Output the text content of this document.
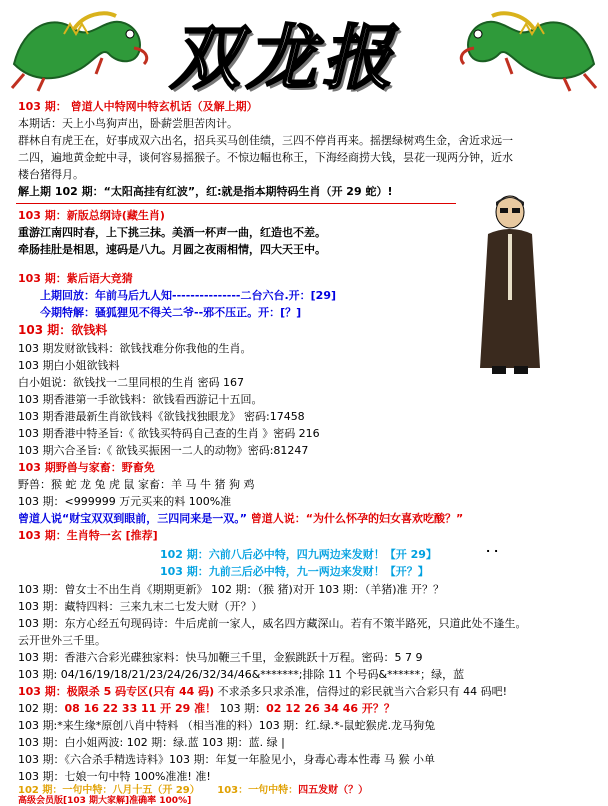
双龙报
103 期： 曾道人中特网中特玄机话（及解上期）
本期话：天上小鸟狗声出，卧薪尝胆苦肉计。
群林自有虎王在，好事成双六出名，招兵买马创佳绩，三四不停肖再来。摇摆绿树鸡生金，舍近求远一
二四，遍地黄金蛇中寻，谈何容易摇猴子。不惊边幅也称王，下海经商捞大钱，昙花一现两分钟，近水
楼台猪得月。
解上期 102 期：“太阳高挂有红波”，红:就是指本期特码生肖（开 29 蛇）!
103 期：新版总纲诗(藏生肖)
重游江南四时春，上下挑三抹。美酒一杯声一曲，红造也不差。
牵肠挂肚是相思，速码是八九。月圆之夜雨相情，四大天王中。
103 期：紫后语大竞猜
上期回放：年前马后九人知---------------二台六台.开：[29]
今期特解：骚狐狸见不得关二爷--邪不压正。开：[？]
103 期：欲钱料
103 期发财欲钱料：欲钱找难分你我他的生肖。
103 期白小姐欲钱料
白小姐说：欲钱找一二里同根的生肖 密码 167
103 期香港第一手欲钱料：欲钱看西游记十五回。
103 期香港最新生肖欲钱料《欲钱找独眼龙》 密码:17458
103 期香港中特圣旨:《 欲钱买特码自己查的生肖 》密码 216
103 期六合圣旨:《 欲钱买振困一二人的动物》密码:81247
103 期野兽与家畜：野畜免
野兽：猴 蛇 龙 兔 虎 鼠 家畜：羊 马 牛 猪 狗 鸡
103 期：<999999 万元买来的料 100%准
曾道人说“财宝双双到眼前，三四同来是一双。” 曾道人说：“为什么怀孕的妇女喜欢吃酸？”
103 期：生肖特一玄 [推荐]
102 期：六前八后必中特，四九两边来发财！【开 29】
103 期：九前三后必中特，九一两边来发财！【开？】
. .
103 期：曾女士不出生肖《期期更新》 102 期：（猴 猪)对开 103 期：（羊猪)准 开？？
103 期：藏特四料：三来九末二七发大财（开？）
103 期：东方心经五句现码诗：牛后虎前一家人，威名四方藏深山。若有不策半路死，只道此处不逢生。
云开世外三千里。
103 期：香港六合彩光碟独家料：快马加鞭三千里，金猴跳跃十万程。密码：5 7 9
103 期: 04/16/19/18/21/23/24/26/32/34/46&*******;排除 11 个号码&******；绿，蓝
103 期：极限杀 5 码专区(只有 44 码) 不求杀多只求杀准，信得过的彩民就当六合彩只有 44 码吧!
102 期：08 16 22 33 11 开 29 准！ 103 期：02 12 26 34 46 开？？
103 期:*来生缘*原创八肖中特料 （相当准的料）103 期：红.绿.*-鼠蛇猴虎.龙马狗兔
103 期：白小姐两波: 102 期：绿.蓝 103 期：蓝. 绿 |
103 期：《六合杀手精选诗料》103 期：年复一年脸见小，身毒心毒本性毒 马 猴 小单
103 期：七娘一句中特 100%准准! 准!
102 期：一句中特：八月十五（开 29） 103：一句中特：四五发财（？）
高级会员版[103 期大家解]准确率 100%]
